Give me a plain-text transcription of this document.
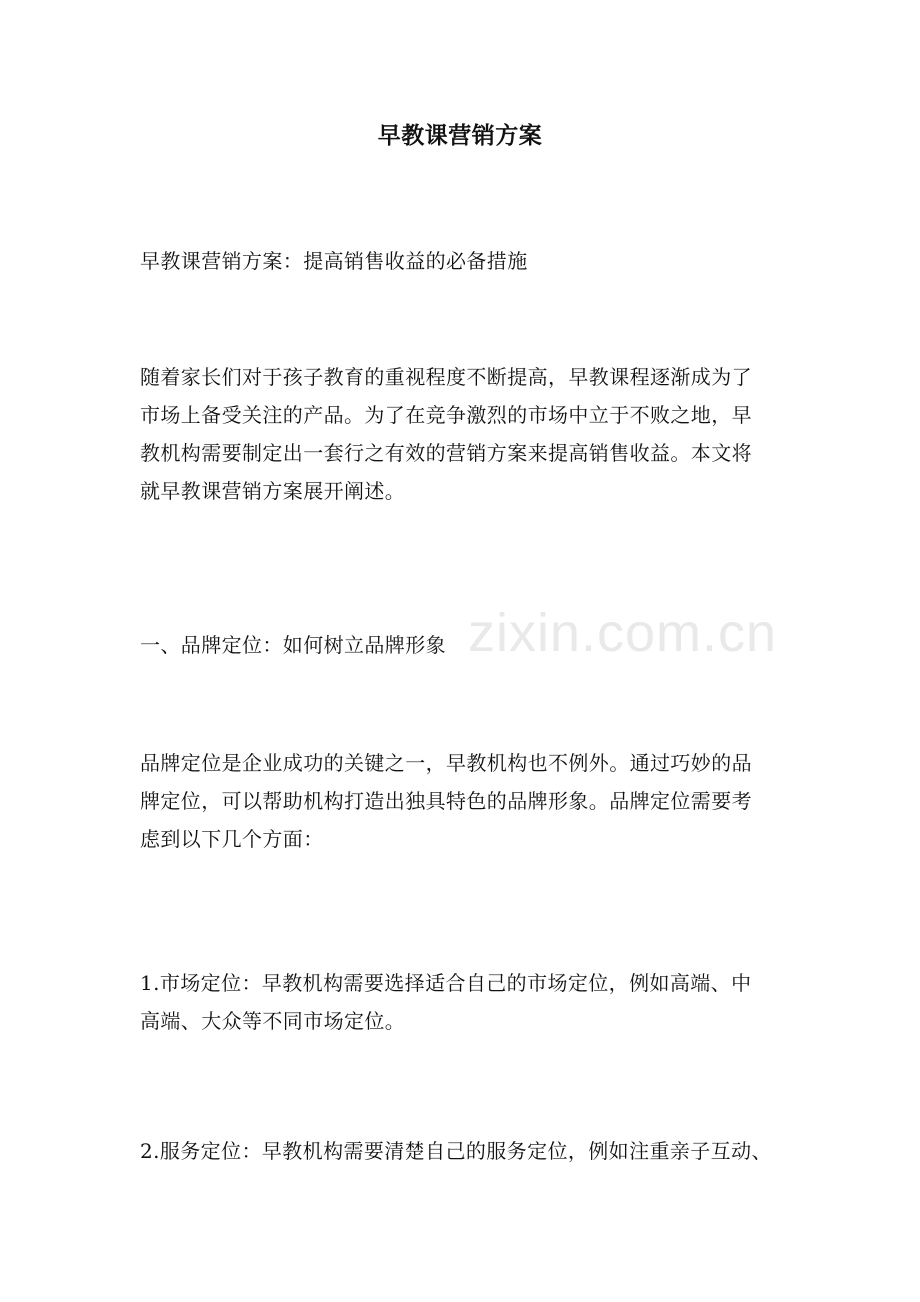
zixin.com.cn
早教课营销方案
早教课营销方案：提高销售收益的必备措施
随着家长们对于孩子教育的重视程度不断提高，早教课程逐渐成为了
市场上备受关注的产品。为了在竞争激烈的市场中立于不败之地，早
教机构需要制定出一套行之有效的营销方案来提高销售收益。本文将
就早教课营销方案展开阐述。
一、品牌定位：如何树立品牌形象
品牌定位是企业成功的关键之一，早教机构也不例外。通过巧妙的品
牌定位，可以帮助机构打造出独具特色的品牌形象。品牌定位需要考
虑到以下几个方面：
1.市场定位：早教机构需要选择适合自己的市场定位，例如高端、中
高端、大众等不同市场定位。
2.服务定位：早教机构需要清楚自己的服务定位，例如注重亲子互动、
